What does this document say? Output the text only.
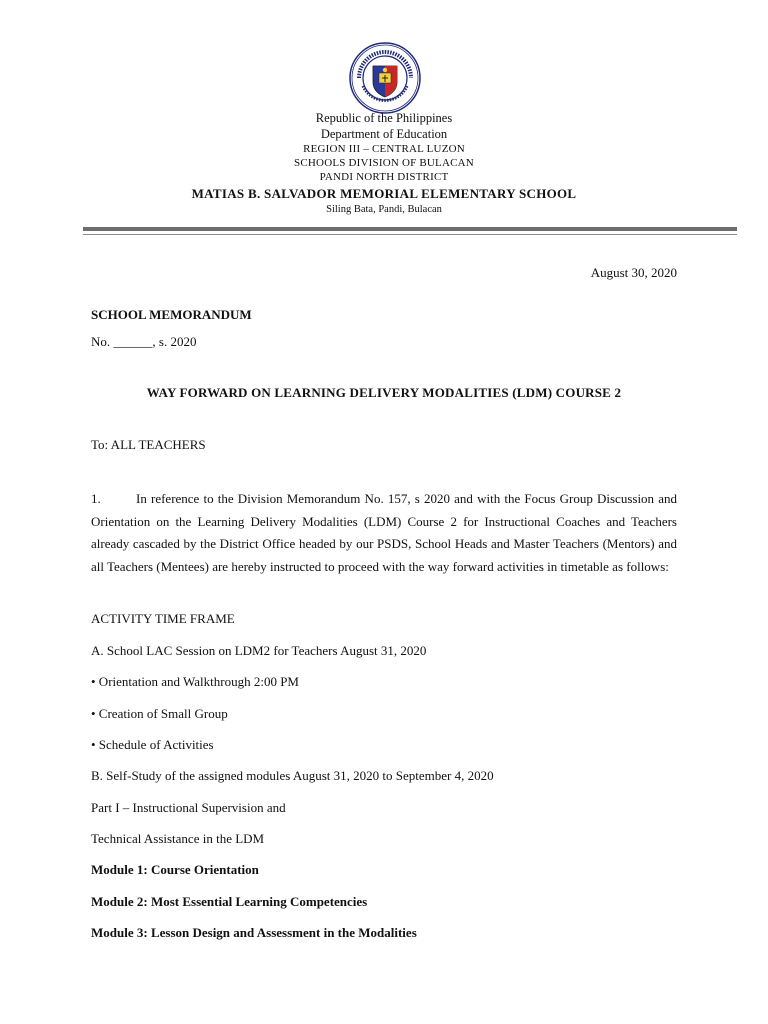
Republic of the Philippines
Department of Education
REGION III – CENTRAL LUZON
SCHOOLS DIVISION OF BULACAN
PANDI NORTH DISTRICT
MATIAS B. SALVADOR MEMORIAL ELEMENTARY SCHOOL
Siling Bata, Pandi, Bulacan
August 30, 2020
SCHOOL MEMORANDUM
No. ______, s. 2020
WAY FORWARD ON LEARNING DELIVERY MODALITIES (LDM) COURSE 2
To: ALL TEACHERS

1.	In reference to the Division Memorandum No. 157, s 2020 and with the Focus Group Discussion and Orientation on the Learning Delivery Modalities (LDM) Course 2 for Instructional Coaches and Teachers already cascaded by the District Office headed by our PSDS, School Heads and Master Teachers (Mentors) and all Teachers (Mentees) are hereby instructed to proceed with the way forward activities in timetable as follows:

ACTIVITY TIME FRAME
A. School LAC Session on LDM2 for Teachers August 31, 2020
• Orientation and Walkthrough 2:00 PM
• Creation of Small Group
• Schedule of Activities
B. Self-Study of the assigned modules August 31, 2020 to September 4, 2020
Part I – Instructional Supervision and
Technical Assistance in the LDM
Module 1: Course Orientation
Module 2: Most Essential Learning Competencies
Module 3: Lesson Design and Assessment in the Modalities
